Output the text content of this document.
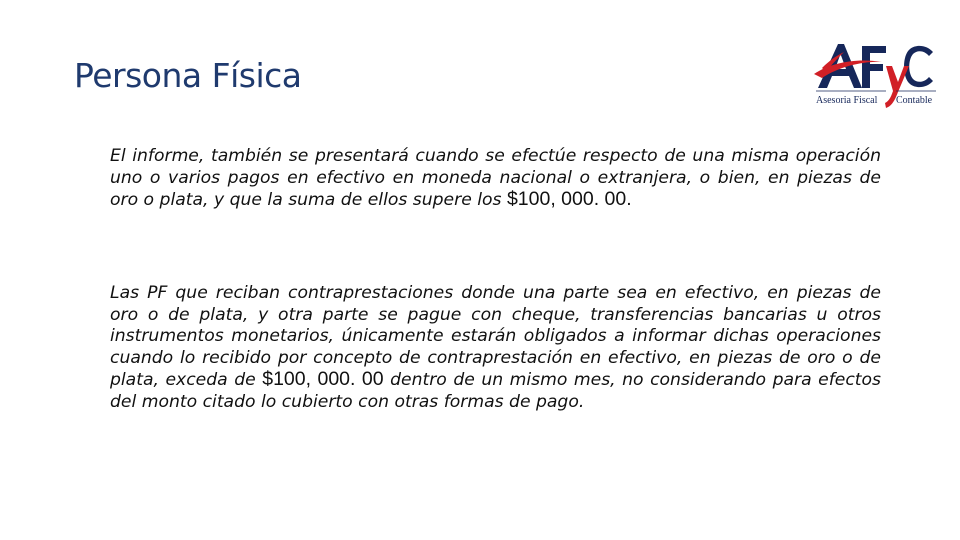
Persona Física
Asesoria Fiscal Contable

El informe, también se presentará cuando se efectúe respecto de una misma operación uno o varios pagos en efectivo en moneda nacional o extranjera, o bien, en piezas de oro o plata, y que la suma de ellos supere los $100, 000. 00.

Las PF que reciban contraprestaciones donde una parte sea en efectivo, en piezas de oro o de plata, y otra parte se pague con cheque, transferencias bancarias u otros instrumentos monetarios, únicamente estarán obligados a informar dichas operaciones cuando lo recibido por concepto de contraprestación en efectivo, en piezas de oro o de plata, exceda de $100, 000. 00 dentro de un mismo mes, no considerando para efectos del monto citado lo cubierto con otras formas de pago.
